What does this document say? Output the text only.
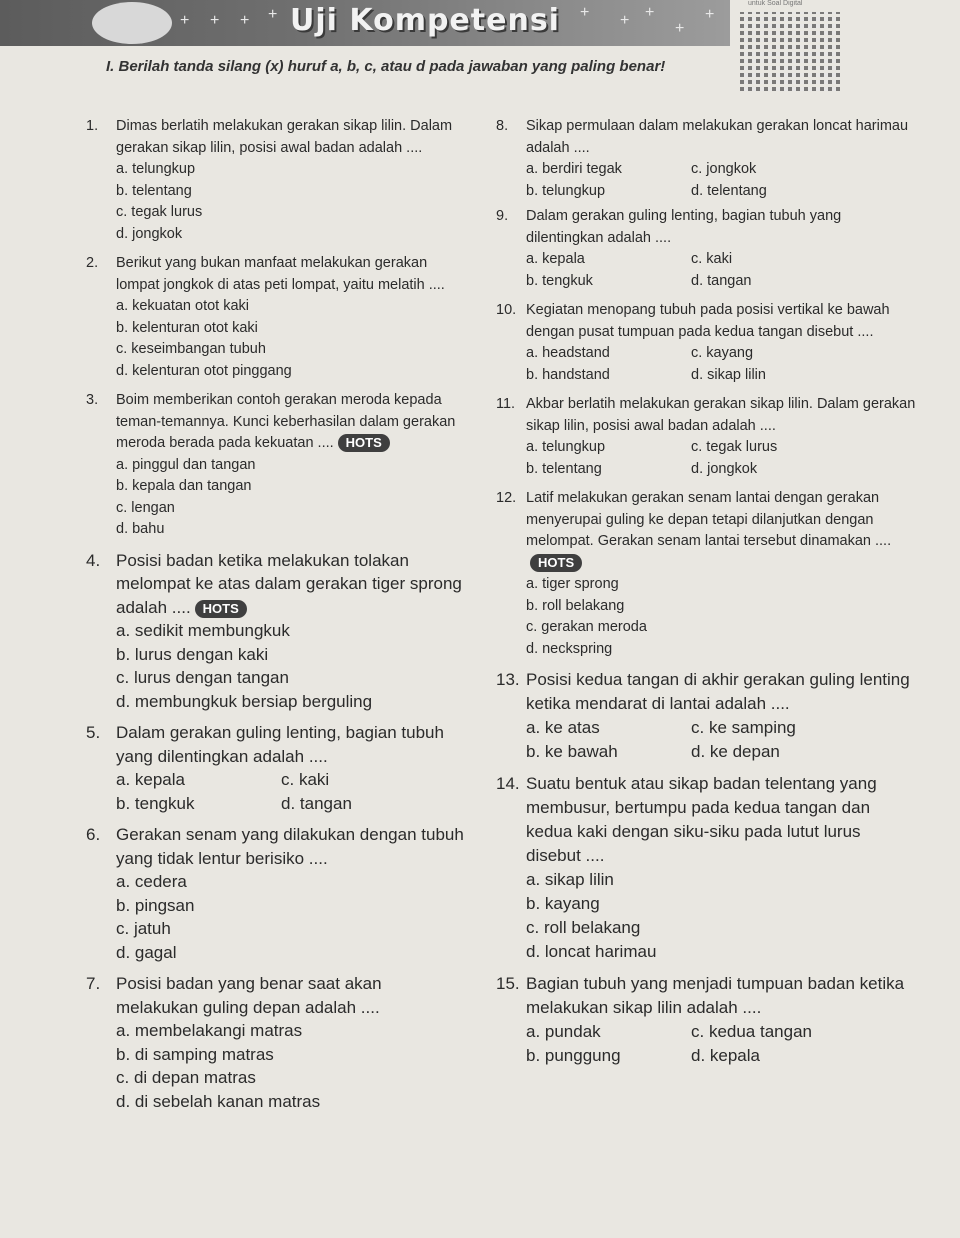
+ + + +	+ + +
+
+
Uji Kompetensi	untuk Soal Digital
I. Berilah tanda silang (x) huruf a, b, c, atau d pada jawaban yang paling benar!
1. Dimas berlatih melakukan gerakan sikap lilin. Dalam gerakan sikap lilin, posisi awal badan adalah ....
a. telungkup
b. telentang
c. tegak lurus
d. jongkok
2. Berikut yang bukan manfaat melakukan gerakan lompat jongkok di atas peti lompat, yaitu melatih ....
a. kekuatan otot kaki
b. kelenturan otot kaki
c. keseimbangan tubuh
d. kelenturan otot pinggang
3. Boim memberikan contoh gerakan meroda kepada teman-temannya. Kunci keberhasilan dalam gerakan meroda berada pada kekuatan .... HOTS
a. pinggul dan tangan
b. kepala dan tangan
c. lengan
d. bahu
4. Posisi badan ketika melakukan tolakan melompat ke atas dalam gerakan tiger sprong adalah .... HOTS
a. sedikit membungkuk
b. lurus dengan kaki
c. lurus dengan tangan
d. membungkuk bersiap berguling
5. Dalam gerakan guling lenting, bagian tubuh yang dilentingkan adalah ....
a. kepala	c. kaki
b. tengkuk	d. tangan
6. Gerakan senam yang dilakukan dengan tubuh yang tidak lentur berisiko ....
a. cedera
b. pingsan
c. jatuh
d. gagal
7. Posisi badan yang benar saat akan melakukan guling depan adalah ....
a. membelakangi matras
b. di samping matras
c. di depan matras
d. di sebelah kanan matras
8. Sikap permulaan dalam melakukan gerakan loncat harimau adalah ....
a. berdiri tegak	c. jongkok
b. telungkup	d. telentang
9. Dalam gerakan guling lenting, bagian tubuh yang dilentingkan adalah ....
a. kepala	c. kaki
b. tengkuk	d. tangan
10. Kegiatan menopang tubuh pada posisi vertikal ke bawah dengan pusat tumpuan pada kedua tangan disebut ....
a. headstand	c. kayang
b. handstand	d. sikap lilin
11. Akbar berlatih melakukan gerakan sikap lilin. Dalam gerakan sikap lilin, posisi awal badan adalah ....
a. telungkup	c. tegak lurus
b. telentang	d. jongkok
12. Latif melakukan gerakan senam lantai dengan gerakan menyerupai guling ke depan tetapi dilanjutkan dengan melompat. Gerakan senam lantai tersebut dinamakan ....HOTS
a. tiger sprong
b. roll belakang
c. gerakan meroda
d. neckspring
13. Posisi kedua tangan di akhir gerakan guling lenting ketika mendarat di lantai adalah ....
a. ke atas	c. ke samping
b. ke bawah	d. ke depan
14. Suatu bentuk atau sikap badan telentang yang membusur, bertumpu pada kedua tangan dan kedua kaki dengan siku-siku pada lutut lurus disebut ....
a. sikap lilin
b. kayang
c. roll belakang
d. loncat harimau
15. Bagian tubuh yang menjadi tumpuan badan ketika melakukan sikap lilin adalah ....
a. pundak	c. kedua tangan
b. punggung	d. kepala
